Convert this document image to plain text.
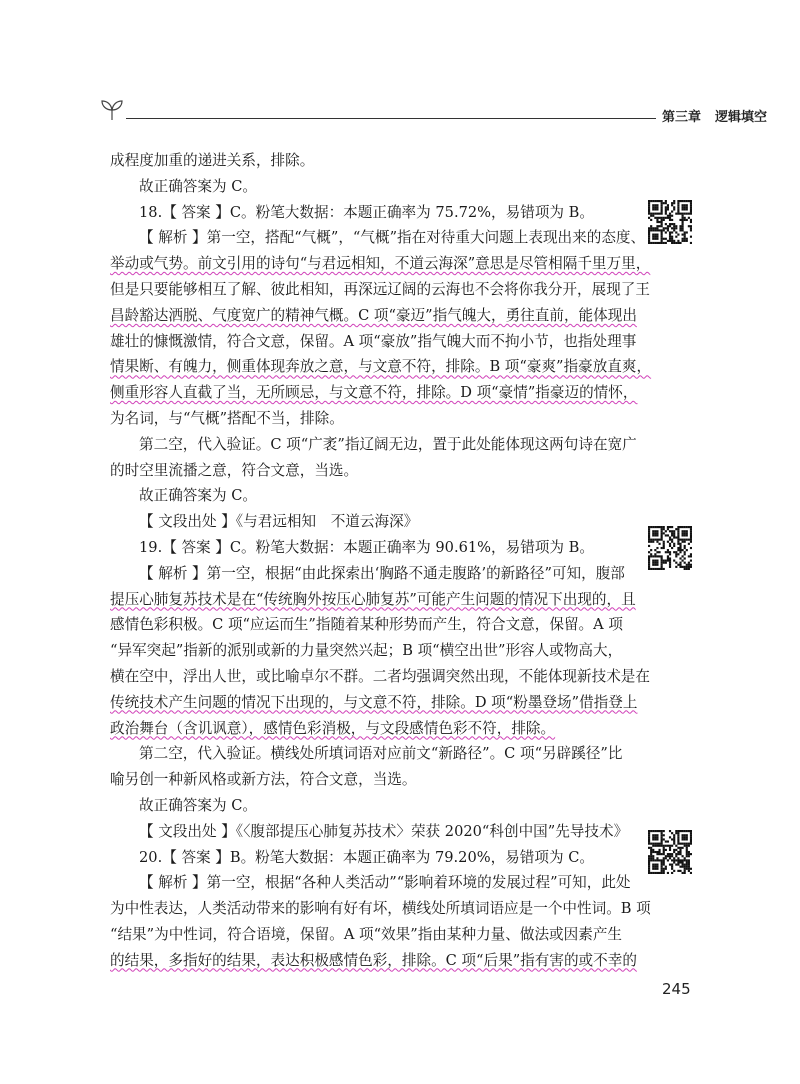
第三章 逻辑填空
成程度加重的递进关系，排除。
故正确答案为 C。
18.【 答案 】C。粉笔大数据：本题正确率为 75.72%，易错项为 B。
【 解析 】第一空，搭配“气概”，“气概”指在对待重大问题上表现出来的态度、
举动或气势。前文引用的诗句“与君远相知，不道云海深”意思是尽管相隔千里万里，
但是只要能够相互了解、彼此相知，再深远辽阔的云海也不会将你我分开，展现了王
昌龄豁达洒脱、气度宽广的精神气概。C 项“豪迈”指气魄大，勇往直前，能体现出
雄壮的慷慨激情，符合文意，保留。A 项“豪放”指气魄大而不拘小节，也指处理事
情果断、有魄力，侧重体现奔放之意，与文意不符，排除。B 项“豪爽”指豪放直爽，
侧重形容人直截了当，无所顾忌，与文意不符，排除。D 项“豪情”指豪迈的情怀，
为名词，与“气概”搭配不当，排除。
第二空，代入验证。C 项“广袤”指辽阔无边，置于此处能体现这两句诗在宽广
的时空里流播之意，符合文意，当选。
故正确答案为 C。
【 文段出处 】《与君远相知　不道云海深》
19.【 答案 】C。粉笔大数据：本题正确率为 90.61%，易错项为 B。
【 解析 】第一空，根据“由此探索出‘胸路不通走腹路’的新路径”可知，腹部
提压心肺复苏技术是在“传统胸外按压心肺复苏”可能产生问题的情况下出现的，且
感情色彩积极。C 项“应运而生”指随着某种形势而产生，符合文意，保留。A 项
“异军突起”指新的派别或新的力量突然兴起；B 项“横空出世”形容人或物高大，
横在空中，浮出人世，或比喻卓尔不群。二者均强调突然出现，不能体现新技术是在
传统技术产生问题的情况下出现的，与文意不符，排除。D 项“粉墨登场”借指登上
政治舞台（含讥讽意），感情色彩消极，与文段感情色彩不符，排除。
第二空，代入验证。横线处所填词语对应前文“新路径”。C 项“另辟蹊径”比
喻另创一种新风格或新方法，符合文意，当选。
故正确答案为 C。
【 文段出处 】《〈腹部提压心肺复苏技术〉荣获 2020“科创中国”先导技术》
20.【 答案 】B。粉笔大数据：本题正确率为 79.20%，易错项为 C。
【 解析 】第一空，根据“各种人类活动”“影响着环境的发展过程”可知，此处
为中性表达，人类活动带来的影响有好有坏，横线处所填词语应是一个中性词。B 项
“结果”为中性词，符合语境，保留。A 项“效果”指由某种力量、做法或因素产生
的结果，多指好的结果，表达积极感情色彩，排除。C 项“后果”指有害的或不幸的
245
